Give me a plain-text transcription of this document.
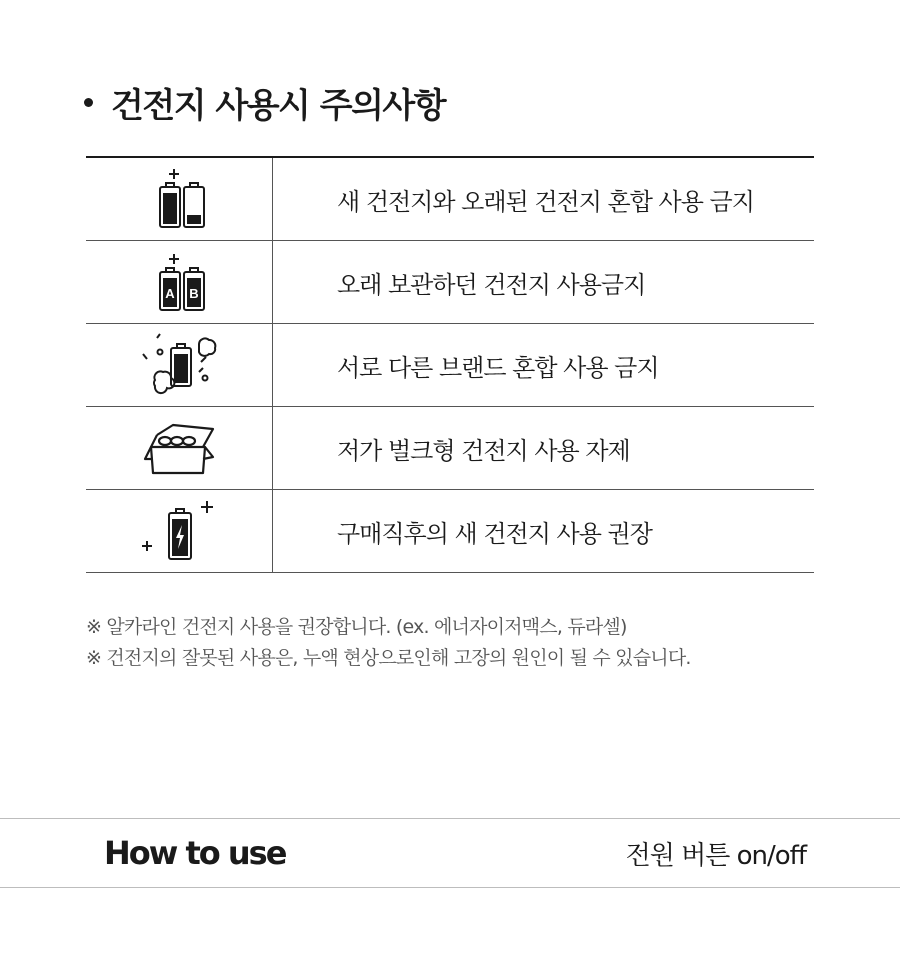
건전지 사용시 주의사항
새 건전지와 오래된 건전지 혼합 사용 금지
A B	오래 보관하던 건전지 사용금지
서로 다른 브랜드 혼합 사용 금지
저가 벌크형 건전지 사용 자제
구매직후의 새 건전지 사용 권장
※ 알카라인 건전지 사용을 권장합니다. (ex. 에너자이저맥스, 듀라셀)
※ 건전지의 잘못된 사용은, 누액 현상으로인해 고장의 원인이 될 수 있습니다.
How to use	전원 버튼 on/off
